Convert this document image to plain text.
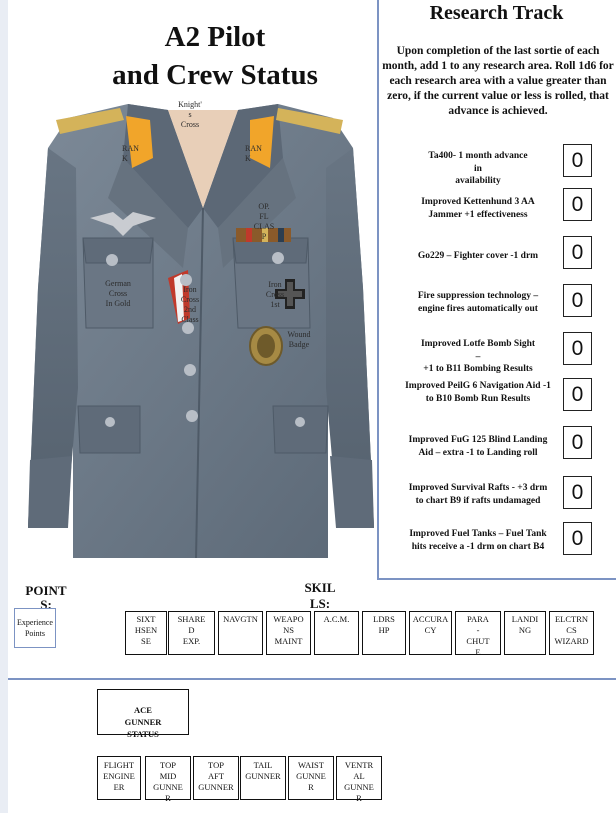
A2 Pilot
and Crew Status
Knight'
s
Cross
RAN
K
RAN
K
OP.
FL
CLAS
P
German
Cross
In Gold
Iron
Cross
2nd
Class
Iron
Cross
1st
Wound
Badge
Research Track
Upon completion of the last sortie of each month, add 1 to any research area. Roll 1d6 for each research area with a value greater than zero, if the current value or less is rolled, that advance is achieved.
Ta400- 1 month advance
in
availability
0
Improved Kettenhund 3 AA Jammer +1 effectiveness	0
Go229 – Fighter cover -1 drm	0
Fire suppression technology – engine fires automatically out	0
Improved Lotfe Bomb Sight
–
+1 to B11 Bombing Results
0
Improved PeilG 6 Navigation Aid -1 to B10 Bomb Run Results	0
Improved FuG 125 Blind Landing Aid – extra -1 to Landing roll	0
Improved Survival Rafts - +3 drm to chart B9 if rafts undamaged	0
Improved Fuel Tanks – Fuel Tank hits receive a -1 drm on chart B4	0
POINT
S:
SKIL
LS:
Experience Points
SIXT
HSEN
SE
SHARE
D
EXP.
NAVGTN	WEAPO
NS
MAINT
A.C.M.	LDRS
HP
ACCURA
CY
PARA
-
CHUT
E
LANDI
NG
ELCTRN
CS
WIZARD
ACE
GUNNER
STATUS
FLIGHT
ENGINE
ER
TOP
MID
GUNNE
R
TOP
AFT
GUNNER
TAIL
GUNNER
WAIST
GUNNE
R
VENTR
AL
GUNNE
R
